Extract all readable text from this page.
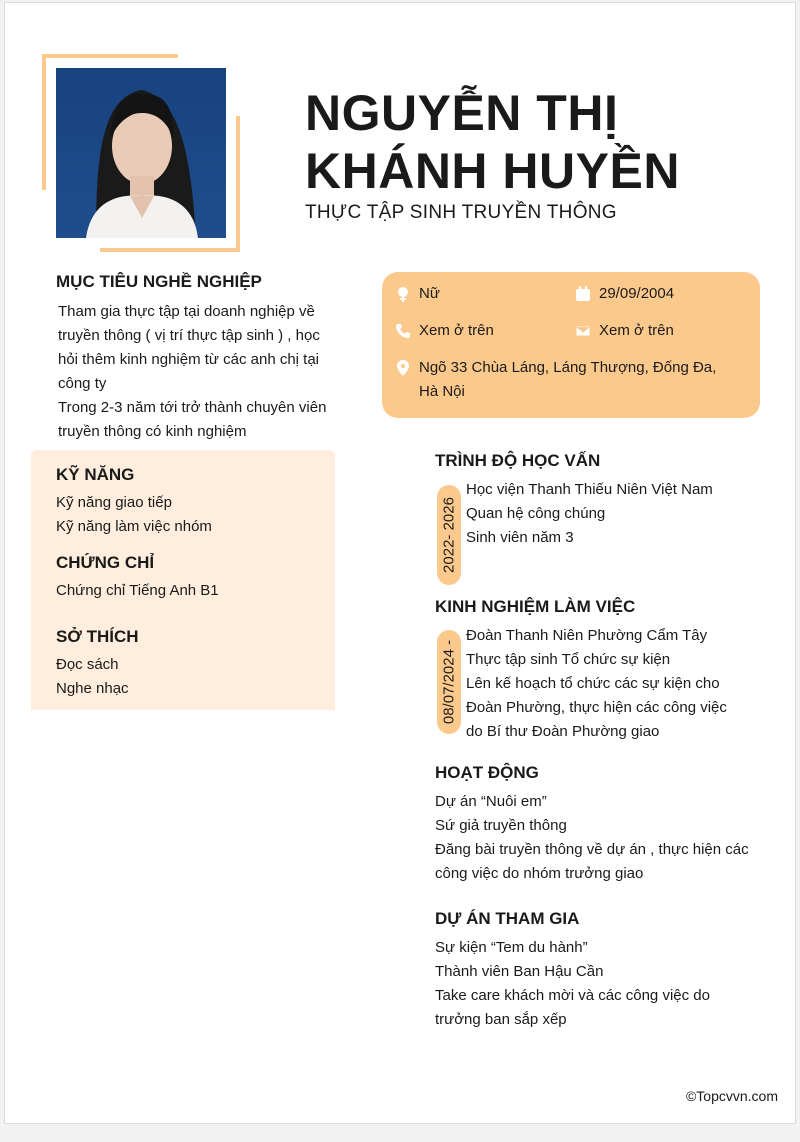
NGUYỄN THỊ
KHÁNH HUYỀN
THỰC TẬP SINH TRUYỀN THÔNG
MỤC TIÊU NGHỀ NGHIỆP
Tham gia thực tập tại doanh nghiệp về
truyền thông ( vị trí thực tập sinh ) , học
hỏi thêm kinh nghiệm từ các anh chị tại
công ty
Trong 2-3 năm tới trở thành chuyên viên
truyền thông có kinh nghiệm
Nữ	29/09/2004
Xem ở trên	Xem ở trên
Ngõ 33 Chùa Láng, Láng Thượng, Đống Đa,
Hà Nội
KỸ NĂNG
Kỹ năng giao tiếp
Kỹ năng làm việc nhóm
CHỨNG CHỈ
Chứng chỉ Tiếng Anh B1
SỞ THÍCH
Đọc sách
Nghe nhạc
TRÌNH ĐỘ HỌC VẤN
2022- 2026
Học viện Thanh Thiếu Niên Việt Nam
Quan hệ công chúng
Sinh viên năm 3
KINH NGHIỆM LÀM VIỆC
08/07/2024 -
Đoàn Thanh Niên Phường Cẩm Tây
Thực tập sinh Tổ chức sự kiện
Lên kế hoạch tổ chức các sự kiện cho
Đoàn Phường, thực hiện các công việc
do Bí thư Đoàn Phường giao
HOẠT ĐỘNG
Dự án “Nuôi em”
Sứ giả truyền thông
Đăng bài truyền thông về dự án , thực hiện các
công việc do nhóm trưởng giao
DỰ ÁN THAM GIA
Sự kiện “Tem du hành”
Thành viên Ban Hậu Cần
Take care khách mời và các công việc do
trưởng ban sắp xếp
©Topcvvn.com
